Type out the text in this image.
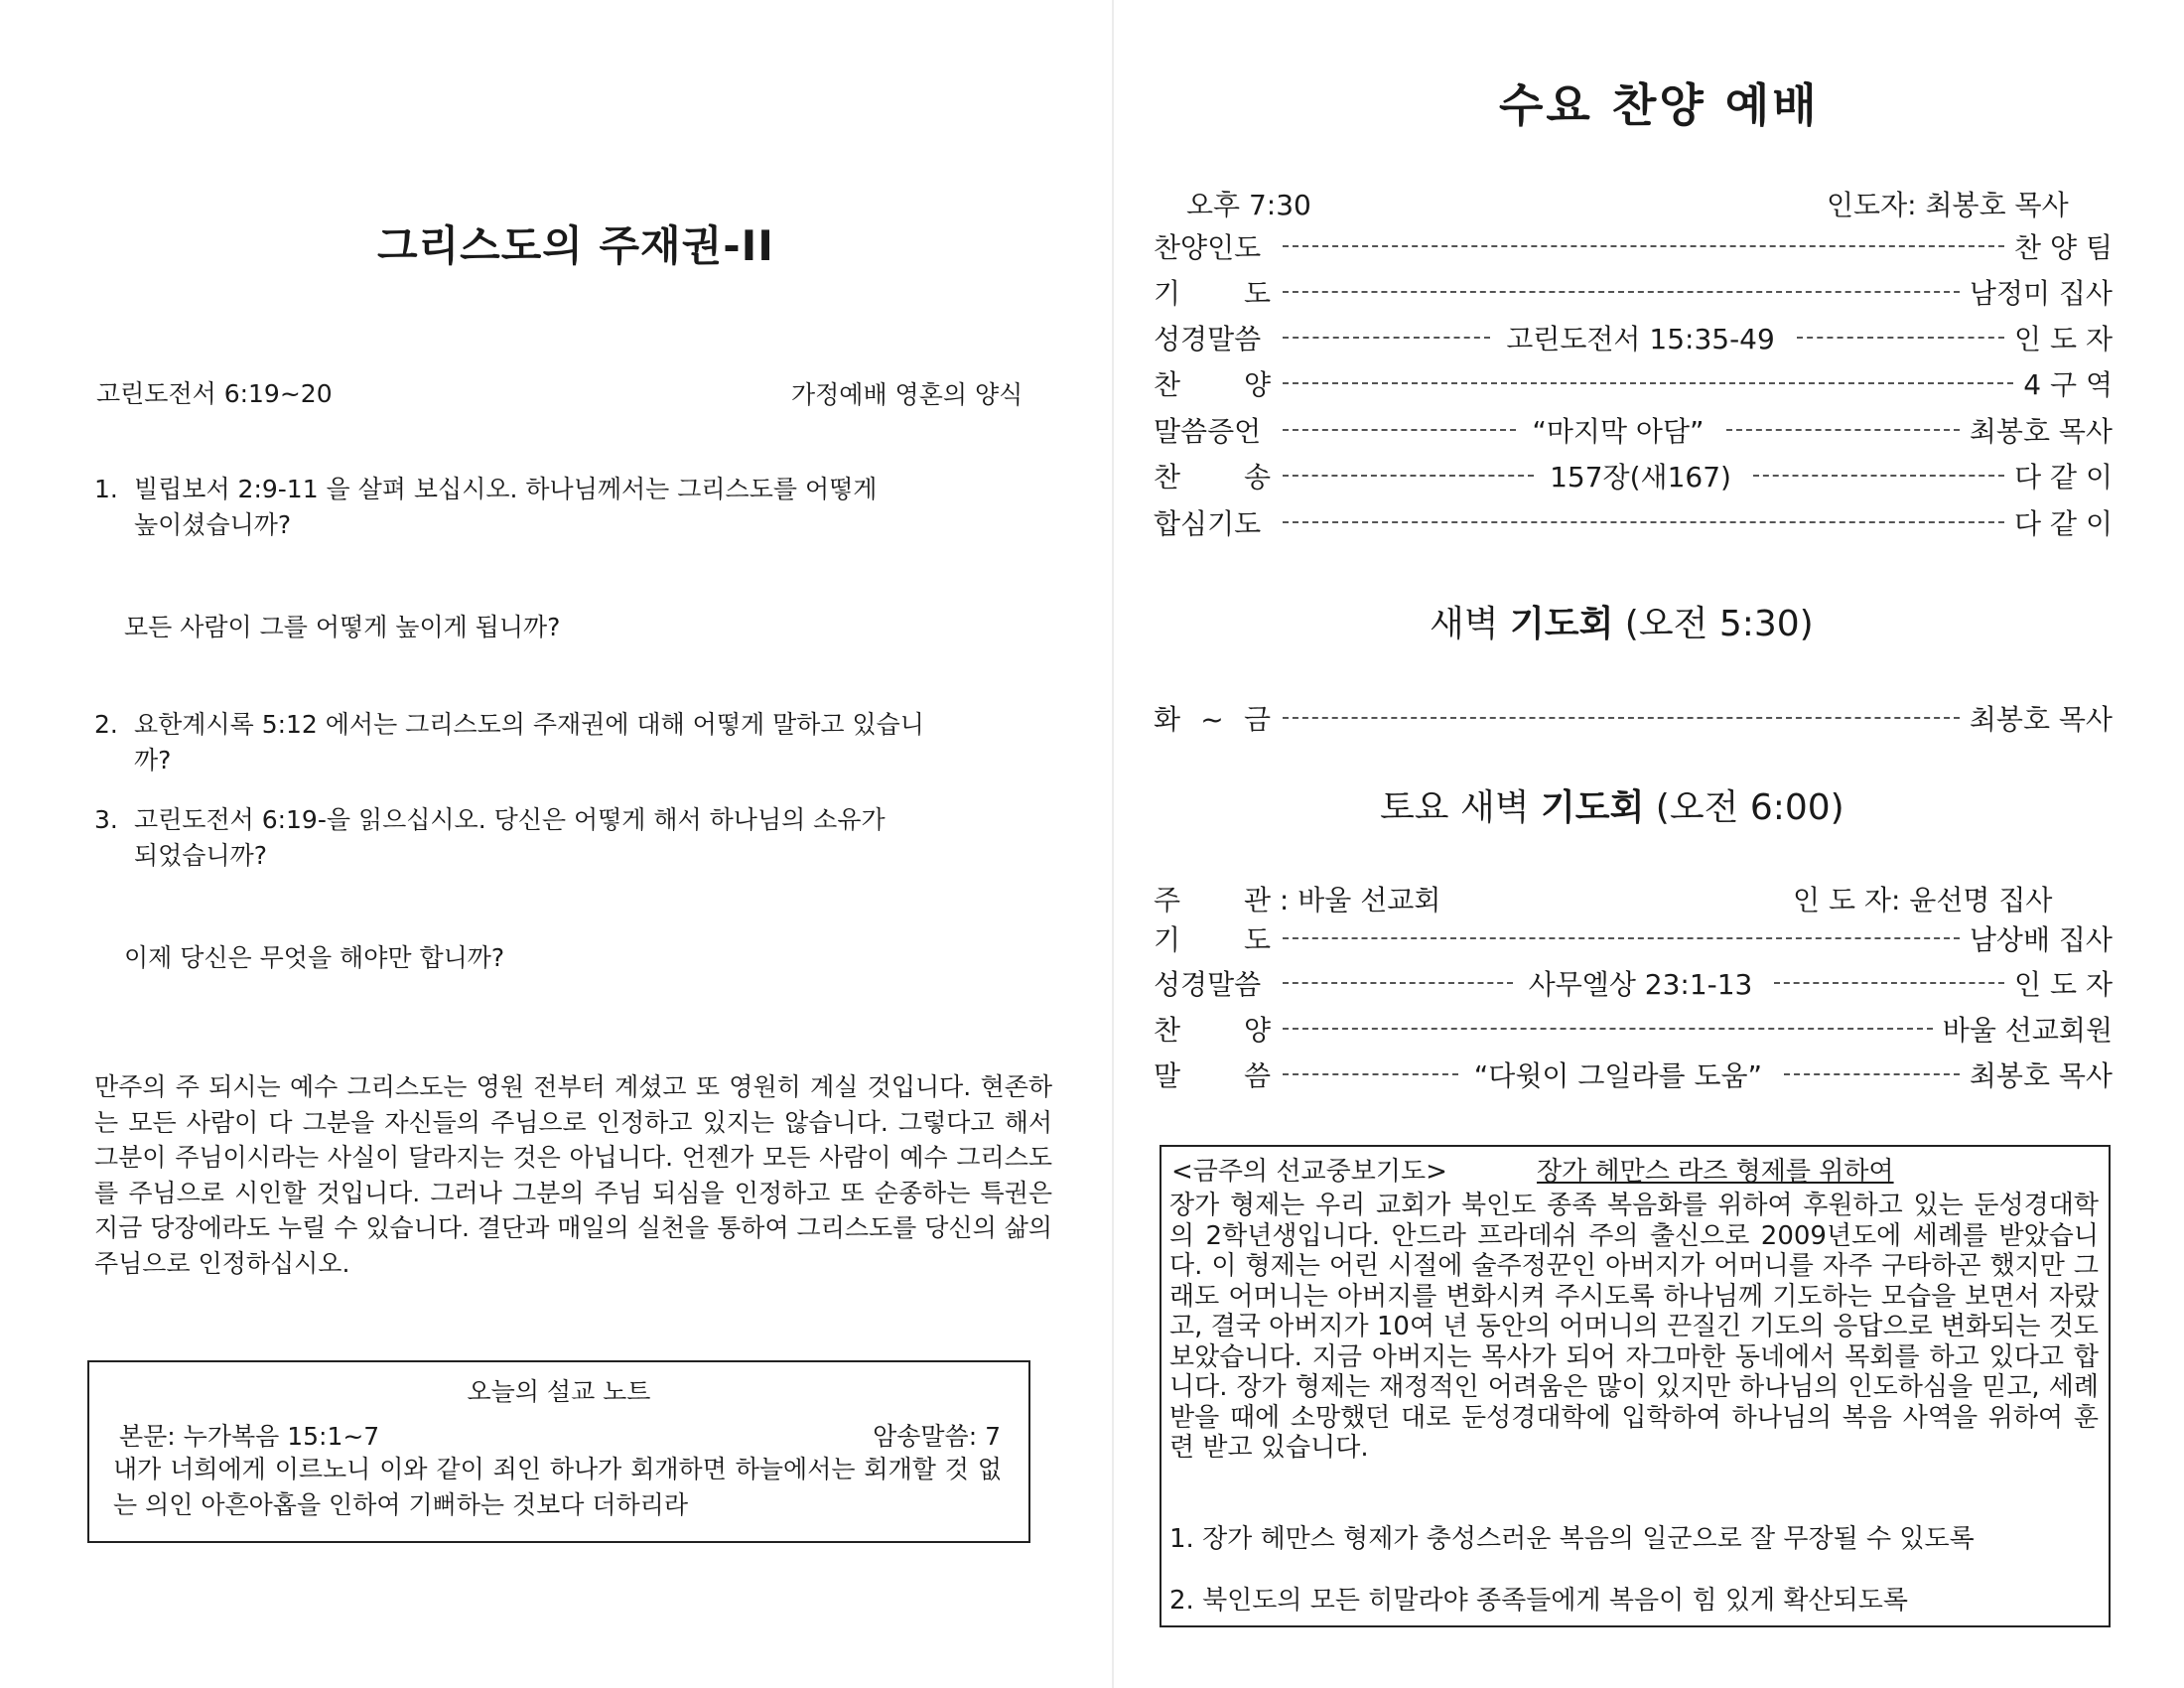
그리스도의 주재권-II
고린도전서 6:19~20	가정예배 영혼의 양식
1. 빌립보서 2:9-11 을 살펴 보십시오. 하나님께서는 그리스도를 어떻게
높이셨습니까?
모든 사람이 그를 어떻게 높이게 됩니까?
2. 요한계시록 5:12 에서는 그리스도의 주재권에 대해 어떻게 말하고 있습니
까?
3. 고린도전서 6:19-을 읽으십시오. 당신은 어떻게 해서 하나님의 소유가
되었습니까?
이제 당신은 무엇을 해야만 합니까?
만주의 주 되시는 예수 그리스도는 영원 전부터 계셨고 또 영원히 계실 것입니다. 현존하는 모든 사람이 다 그분을 자신들의 주님으로 인정하고 있지는 않습니다. 그렇다고 해서 그분이 주님이시라는 사실이 달라지는 것은 아닙니다. 언젠가 모든 사람이 예수 그리스도를 주님으로 시인할 것입니다. 그러나 그분의 주님 되심을 인정하고 또 순종하는 특권은 지금 당장에라도 누릴 수 있습니다. 결단과 매일의 실천을 통하여 그리스도를 당신의 삶의 주님으로 인정하십시오.
오늘의 설교 노트
본문: 누가복음 15:1~7	암송말씀: 7
내가 너희에게 이르노니 이와 같이 죄인 하나가 회개하면 하늘에서는 회개할 것 없는 의인 아흔아홉을 인하여 기뻐하는 것보다 더하리라
수요 찬양 예배
오후 7:30	인도자: 최봉호 목사
찬양인도	찬 양 팀
기 도	남정미 집사
성경말씀	고린도전서 15:35-49	인 도 자
찬 양	4 구 역
말씀증언	“마지막 아담”	최봉호 목사
찬 송	157장(새167)	다 같 이
합심기도	다 같 이
새벽 기도회 (오전 5:30)
화 ~ 금	최봉호 목사
토요 새벽 기도회 (오전 6:00)
주 관 : 바울 선교회	인 도 자: 윤선명 집사
기 도	남상배 집사
성경말씀	사무엘상 23:1-13	인 도 자
찬 양	바울 선교회원
말 씀	“다윗이 그일라를 도움”	최봉호 목사
<금주의 선교중보기도>	장가 헤만스 라즈 형제를 위하여
장가 형제는 우리 교회가 북인도 종족 복음화를 위하여 후원하고 있는 둔성경대학의 2학년생입니다. 안드라 프라데쉬 주의 출신으로 2009년도에 세례를 받았습니다. 이 형제는 어린 시절에 술주정꾼인 아버지가 어머니를 자주 구타하곤 했지만 그래도 어머니는 아버지를 변화시켜 주시도록 하나님께 기도하는 모습을 보면서 자랐고, 결국 아버지가 10여 년 동안의 어머니의 끈질긴 기도의 응답으로 변화되는 것도 보았습니다. 지금 아버지는 목사가 되어 자그마한 동네에서 목회를 하고 있다고 합니다. 장가 형제는 재정적인 어려움은 많이 있지만 하나님의 인도하심을 믿고, 세례 받을 때에 소망했던 대로 둔성경대학에 입학하여 하나님의 복음 사역을 위하여 훈련 받고 있습니다.
1. 장가 헤만스 형제가 충성스러운 복음의 일군으로 잘 무장될 수 있도록
2. 북인도의 모든 히말라야 종족들에게 복음이 힘 있게 확산되도록
